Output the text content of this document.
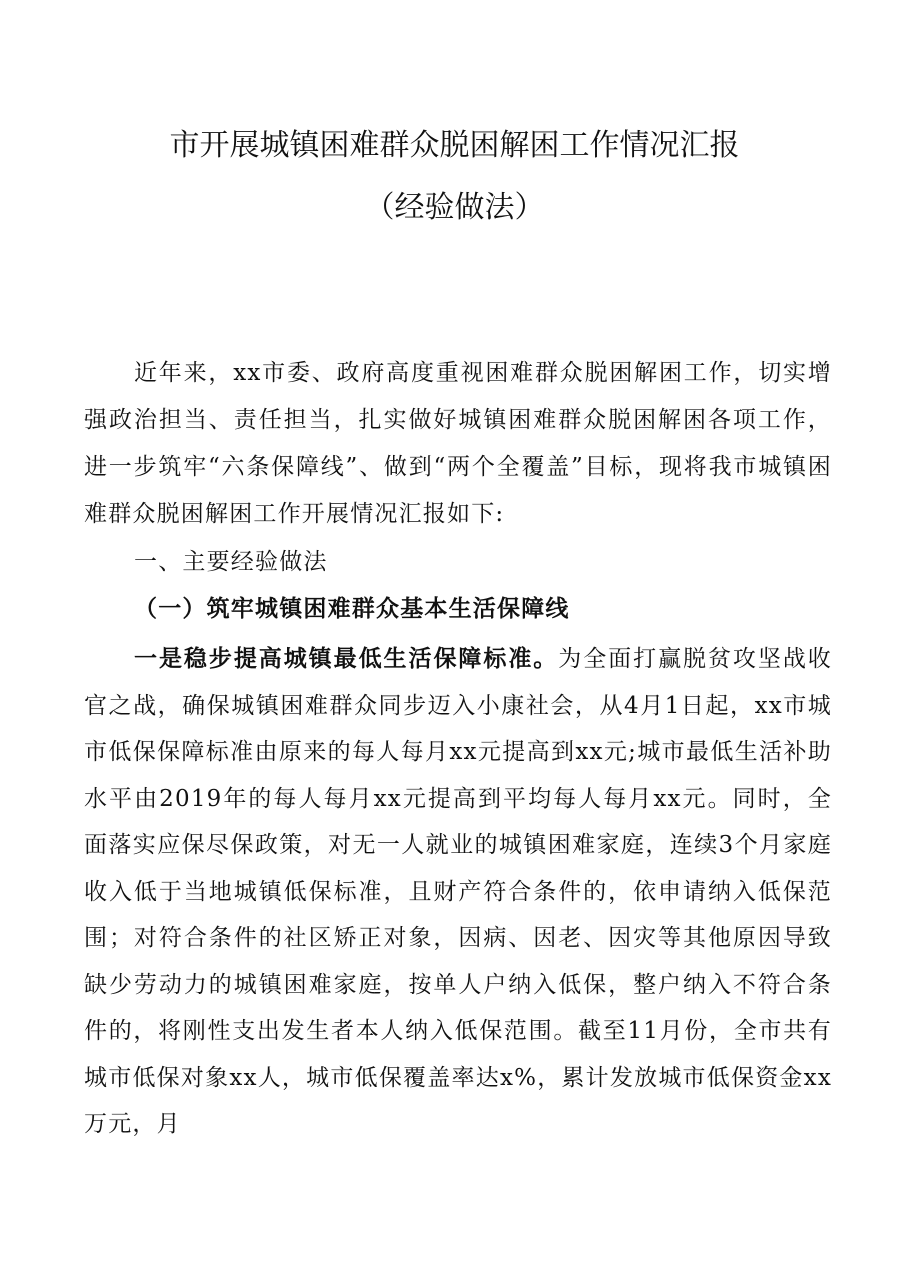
市开展城镇困难群众脱困解困工作情况汇报
（经验做法）
近年来，xx市委、政府高度重视困难群众脱困解困工作，切实增强政治担当、责任担当，扎实做好城镇困难群众脱困解困各项工作，进一步筑牢“六条保障线”、做到“两个全覆盖”目标，现将我市城镇困难群众脱困解困工作开展情况汇报如下:
一、主要经验做法
（一）筑牢城镇困难群众基本生活保障线
一是稳步提高城镇最低生活保障标准。为全面打赢脱贫攻坚战收官之战，确保城镇困难群众同步迈入小康社会，从4月1日起，xx市城市低保保障标准由原来的每人每月xx元提高到xx元;城市最低生活补助水平由2019年的每人每月xx元提高到平均每人每月xx元。同时，全面落实应保尽保政策，对无一人就业的城镇困难家庭，连续3个月家庭收入低于当地城镇低保标准，且财产符合条件的，依申请纳入低保范围；对符合条件的社区矫正对象，因病、因老、因灾等其他原因导致缺少劳动力的城镇困难家庭，按单人户纳入低保，整户纳入不符合条件的，将刚性支出发生者本人纳入低保范围。截至11月份，全市共有城市低保对象xx人，城市低保覆盖率达x%，累计发放城市低保资金xx万元，月
